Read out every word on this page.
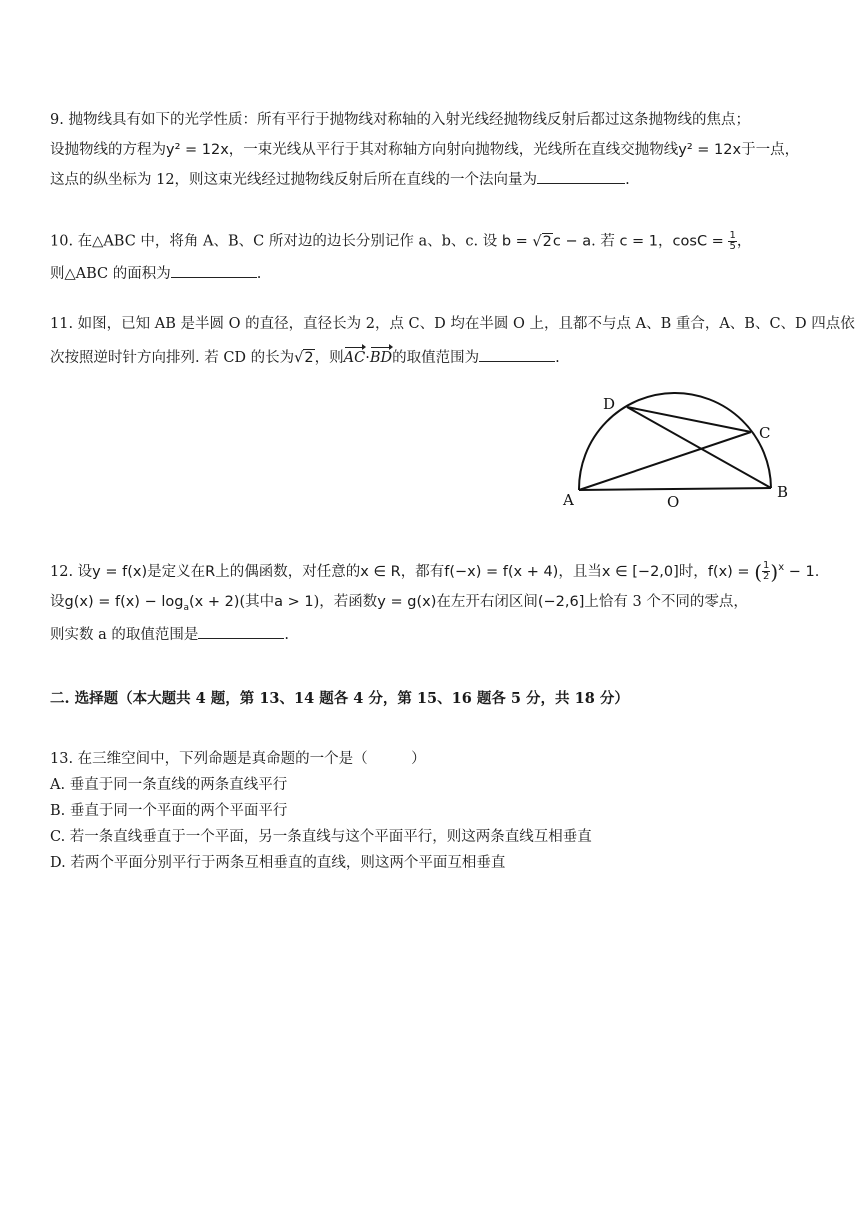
9. 抛物线具有如下的光学性质：所有平行于抛物线对称轴的入射光线经抛物线反射后都过这条抛物线的焦点；
设抛物线的方程为y² = 12x，一束光线从平行于其对称轴方向射向抛物线，光线所在直线交抛物线y² = 12x于一点，
这点的纵坐标为 12，则这束光线经过抛物线反射后所在直线的一个法向量为	.
10. 在△ABC 中，将角 A、B、C 所对边的边长分别记作 a、b、c. 设 b = √2c − a. 若 c = 1，$\cos C = \frac{1}{5}$ ，
则△ABC 的面积为	.
11. 如图，已知 AB 是半圆 O 的直径，直径长为 2，点 C、D 均在半圆 O 上，且都不与点 A、B 重合，A、B、C、D 四点依
次按照逆时针方向排列. 若 CD 的长为√2，则AC·BD的取值范围为	.
D
C
A	O
B
12. 设y = f(x)是定义在R上的偶函数，对任意的x ∈ R，都有f(−x) = f(x + 4)，且当x ∈ [−2,0]时，f(x) = ( $\frac{1}{2} )^x - 1$.
设$g(x) = f(x) - \log_a(x + 2)$(其中a > 1)，若函数y = g(x)在左开右闭区间(−2,6]上恰有 3 个不同的零点，
则实数 a 的取值范围是	.
二. 选择题（本大题共 4 题，第 13、14 题各 4 分，第 15、16 题各 5 分，共 18 分）
13. 在三维空间中，下列命题是真命题的一个是（　　　）
A. 垂直于同一条直线的两条直线平行
B. 垂直于同一个平面的两个平面平行
C. 若一条直线垂直于一个平面，另一条直线与这个平面平行，则这两条直线互相垂直
D. 若两个平面分别平行于两条互相垂直的直线，则这两个平面互相垂直
